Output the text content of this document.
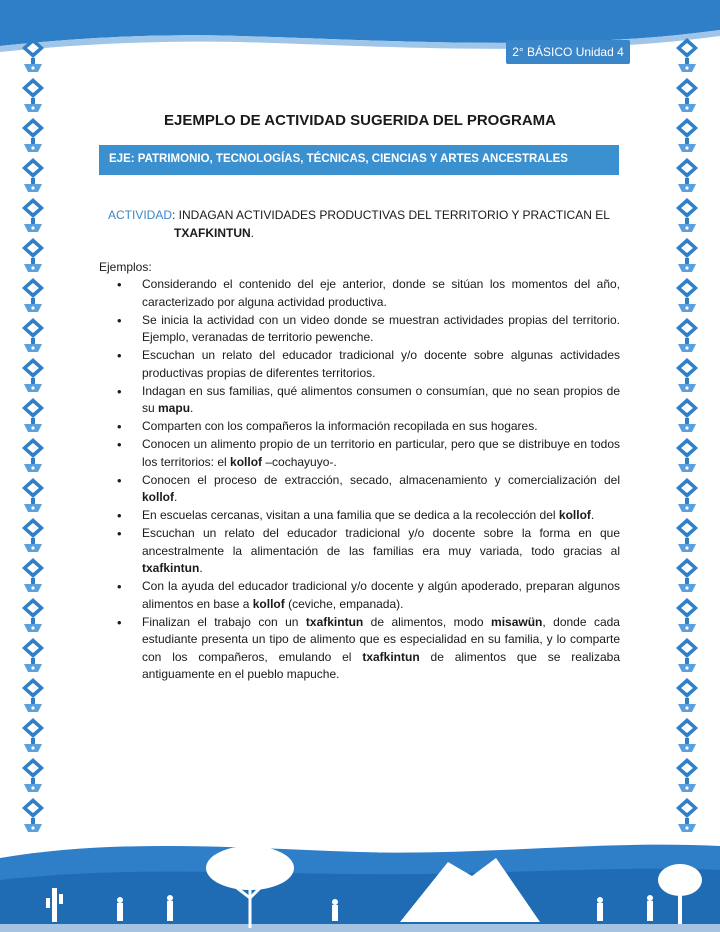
2° BÁSICO Unidad 4
EJEMPLO DE ACTIVIDAD SUGERIDA DEL PROGRAMA
EJE: PATRIMONIO, TECNOLOGÍAS, TÉCNICAS, CIENCIAS Y ARTES ANCESTRALES
ACTIVIDAD: INDAGAN ACTIVIDADES PRODUCTIVAS DEL TERRITORIO Y PRACTICAN EL
TXAFKINTUN.
Ejemplos:
• Considerando el contenido del eje anterior, donde se sitúan los momentos del año, caracterizado por alguna actividad productiva.
• Se inicia la actividad con un video donde se muestran actividades propias del territorio. Ejemplo, veranadas de territorio pewenche.
• Escuchan un relato del educador tradicional y/o docente sobre algunas actividades productivas propias de diferentes territorios.
• Indagan en sus familias, qué alimentos consumen o consumían, que no sean propios de su mapu.
• Comparten con los compañeros la información recopilada en sus hogares.
• Conocen un alimento propio de un territorio en particular, pero que se distribuye en todos los territorios: el kollof –cochayuyo-.
• Conocen el proceso de extracción, secado, almacenamiento y comercialización del kollof.
• En escuelas cercanas, visitan a una familia que se dedica a la recolección del kollof.
• Escuchan un relato del educador tradicional y/o docente sobre la forma en que ancestralmente la alimentación de las familias era muy variada, todo gracias al txafkintun.
• Con la ayuda del educador tradicional y/o docente y algún apoderado, preparan algunos alimentos en base a kollof (ceviche, empanada).
• Finalizan el trabajo con un txafkintun de alimentos, modo misawün, donde cada estudiante presenta un tipo de alimento que es especialidad en su familia, y lo comparte con los compañeros, emulando el txafkintun de alimentos que se realizaba antiguamente en el pueblo mapuche.
